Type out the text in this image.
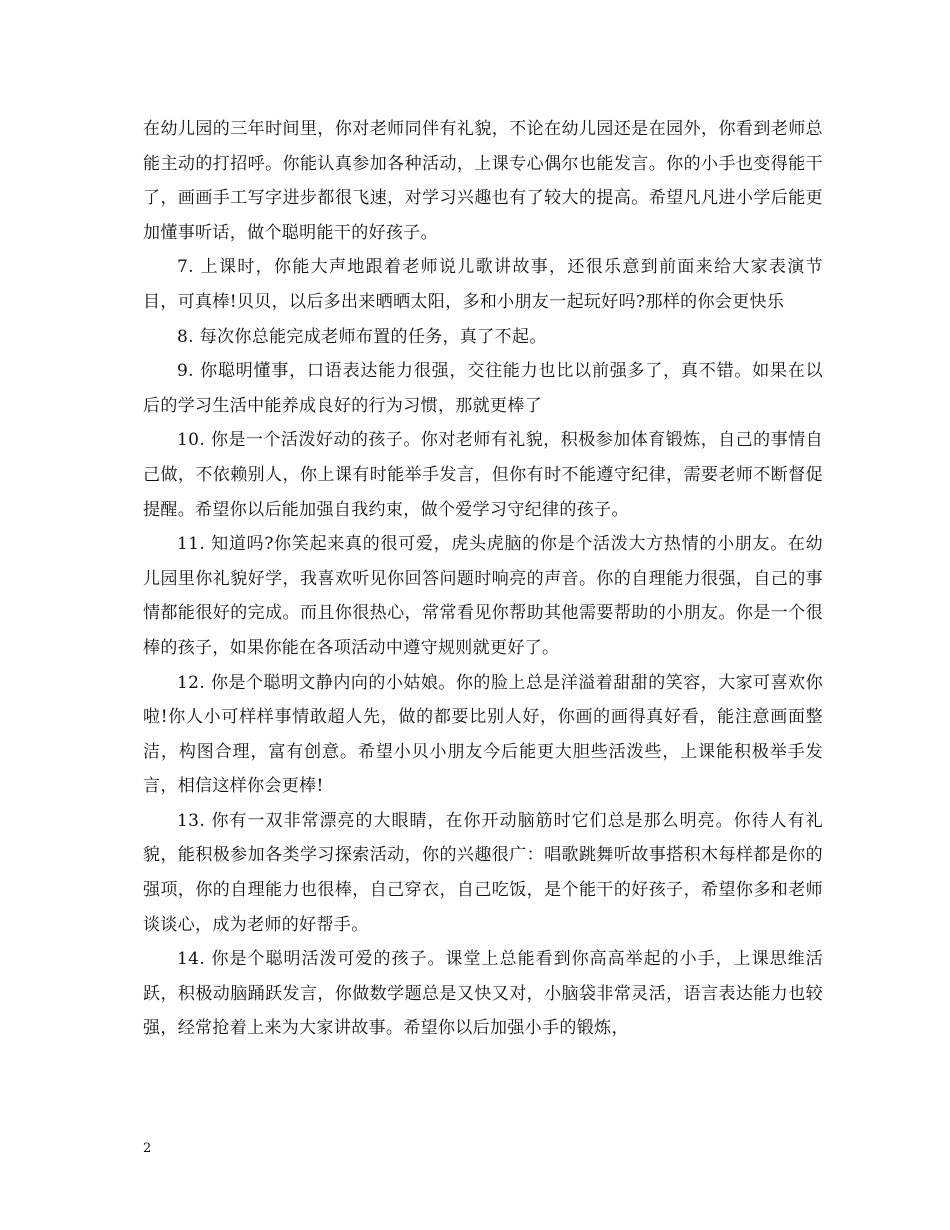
在幼儿园的三年时间里，你对老师同伴有礼貌，不论在幼儿园还是在园外，你看到老师总能主动的打招呼。你能认真参加各种活动，上课专心偶尔也能发言。你的小手也变得能干了，画画手工写字进步都很飞速，对学习兴趣也有了较大的提高。希望凡凡进小学后能更加懂事听话，做个聪明能干的好孩子。

7. 上课时，你能大声地跟着老师说儿歌讲故事，还很乐意到前面来给大家表演节目，可真棒!贝贝，以后多出来晒晒太阳，多和小朋友一起玩好吗?那样的你会更快乐

8. 每次你总能完成老师布置的任务，真了不起。

9. 你聪明懂事，口语表达能力很强，交往能力也比以前强多了，真不错。如果在以后的学习生活中能养成良好的行为习惯，那就更棒了

10. 你是一个活泼好动的孩子。你对老师有礼貌，积极参加体育锻炼，自己的事情自己做，不依赖别人，你上课有时能举手发言，但你有时不能遵守纪律，需要老师不断督促提醒。希望你以后能加强自我约束，做个爱学习守纪律的孩子。

11. 知道吗?你笑起来真的很可爱，虎头虎脑的你是个活泼大方热情的小朋友。在幼儿园里你礼貌好学，我喜欢听见你回答问题时响亮的声音。你的自理能力很强，自己的事情都能很好的完成。而且你很热心，常常看见你帮助其他需要帮助的小朋友。你是一个很棒的孩子，如果你能在各项活动中遵守规则就更好了。

12. 你是个聪明文静内向的小姑娘。你的脸上总是洋溢着甜甜的笑容，大家可喜欢你啦!你人小可样样事情敢超人先，做的都要比别人好，你画的画得真好看，能注意画面整洁，构图合理，富有创意。希望小贝小朋友今后能更大胆些活泼些，上课能积极举手发言，相信这样你会更棒!

13. 你有一双非常漂亮的大眼睛，在你开动脑筋时它们总是那么明亮。你待人有礼貌，能积极参加各类学习探索活动，你的兴趣很广：唱歌跳舞听故事搭积木每样都是你的强项，你的自理能力也很棒，自己穿衣，自己吃饭，是个能干的好孩子，希望你多和老师谈谈心，成为老师的好帮手。

14. 你是个聪明活泼可爱的孩子。课堂上总能看到你高高举起的小手，上课思维活跃，积极动脑踊跃发言，你做数学题总是又快又对，小脑袋非常灵活，语言表达能力也较强，经常抢着上来为大家讲故事。希望你以后加强小手的锻炼，

2
